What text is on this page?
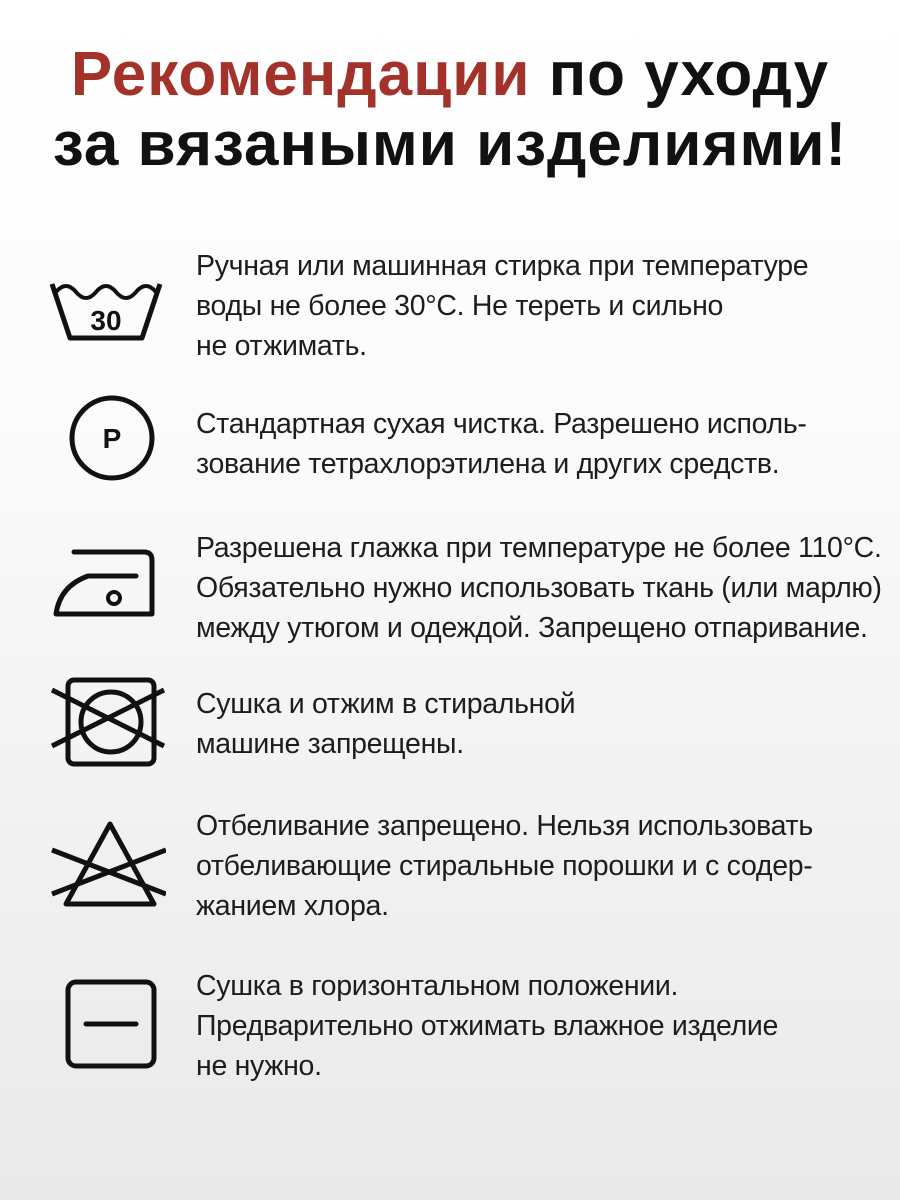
Рекомендации по уходу
за вязаными изделиями!
30
Ручная или машинная стирка при температуре
воды не более 30°С. Не тереть и сильно
не отжимать.
P	Стандартная сухая чистка. Разрешено исполь-
зование тетрахлорэтилена и других средств.
Разрешена глажка при температуре не более 110°С.
Обязательно нужно использовать ткань (или марлю)
между утюгом и одеждой. Запрещено отпаривание.
Сушка и отжим в стиральной
машине запрещены.
Отбеливание запрещено. Нельзя использовать
отбеливающие стиральные порошки и с содер-
жанием хлора.
Сушка в горизонтальном положении.
Предварительно отжимать влажное изделие
не нужно.
